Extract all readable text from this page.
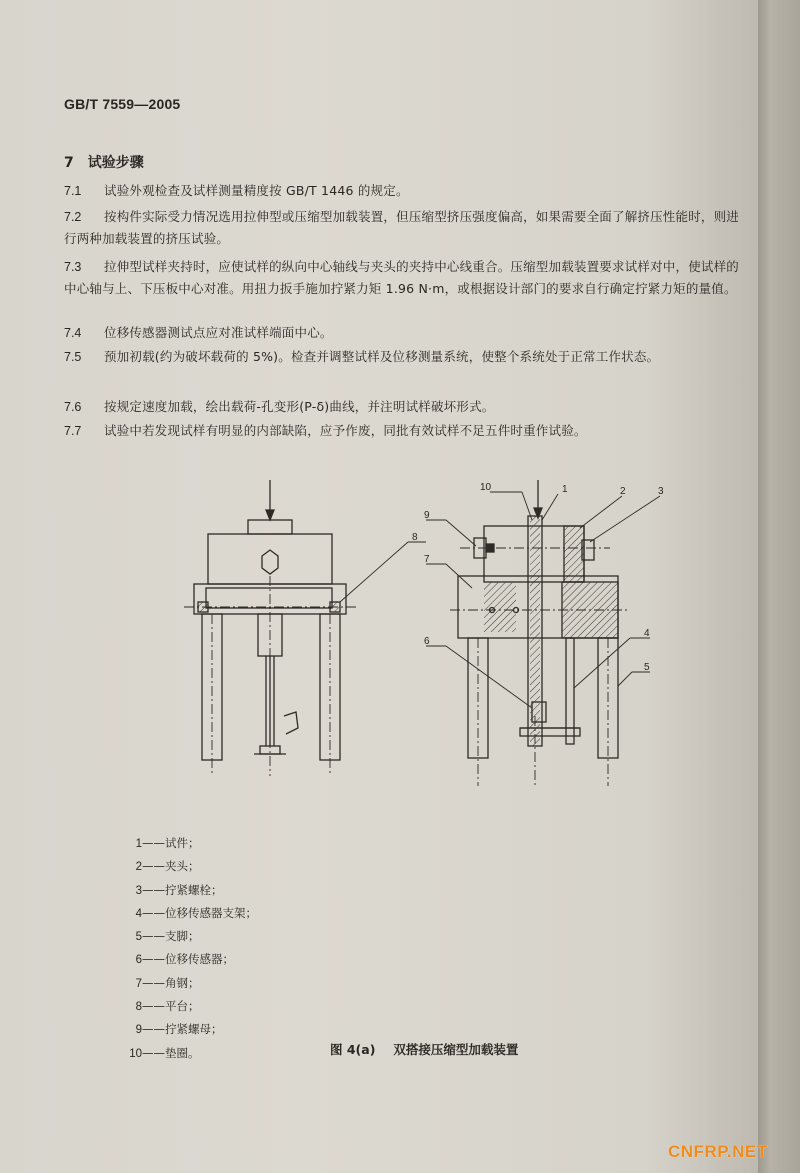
GB/T 7559—2005
7 试验步骤
7.1 试验外观检查及试样测量精度按 GB/T 1446 的规定。
7.2 按构件实际受力情况选用拉伸型或压缩型加载装置，但压缩型挤压强度偏高，如果需要全面了解挤压性能时，则进行两种加载装置的挤压试验。
7.3 拉伸型试样夹持时，应使试样的纵向中心轴线与夹头的夹持中心线重合。压缩型加载装置要求试样对中，使试样的中心轴与上、下压板中心对准。用扭力扳手施加拧紧力矩 1.96 N·m，或根据设计部门的要求自行确定拧紧力矩的量值。
7.4 位移传感器测试点应对准试样端面中心。
7.5 预加初载(约为破坏载荷的 5%)。检查并调整试样及位移测量系统，使整个系统处于正常工作状态。
7.6 按规定速度加载，绘出载荷-孔变形(P-δ)曲线，并注明试样破坏形式。
7.7 试验中若发现试样有明显的内部缺陷，应予作废，同批有效试样不足五件时重作试验。
10	1	2	3
9
7
8
6
4
5
1——试件；
2——夹头；
3——拧紧螺栓；
4——位移传感器支架；
5——支脚；
6——位移传感器；
7——角钢；
8——平台；
9——拧紧螺母；
10——垫圈。	图 4(a) 双搭接压缩型加载装置
CNFRP.NET
